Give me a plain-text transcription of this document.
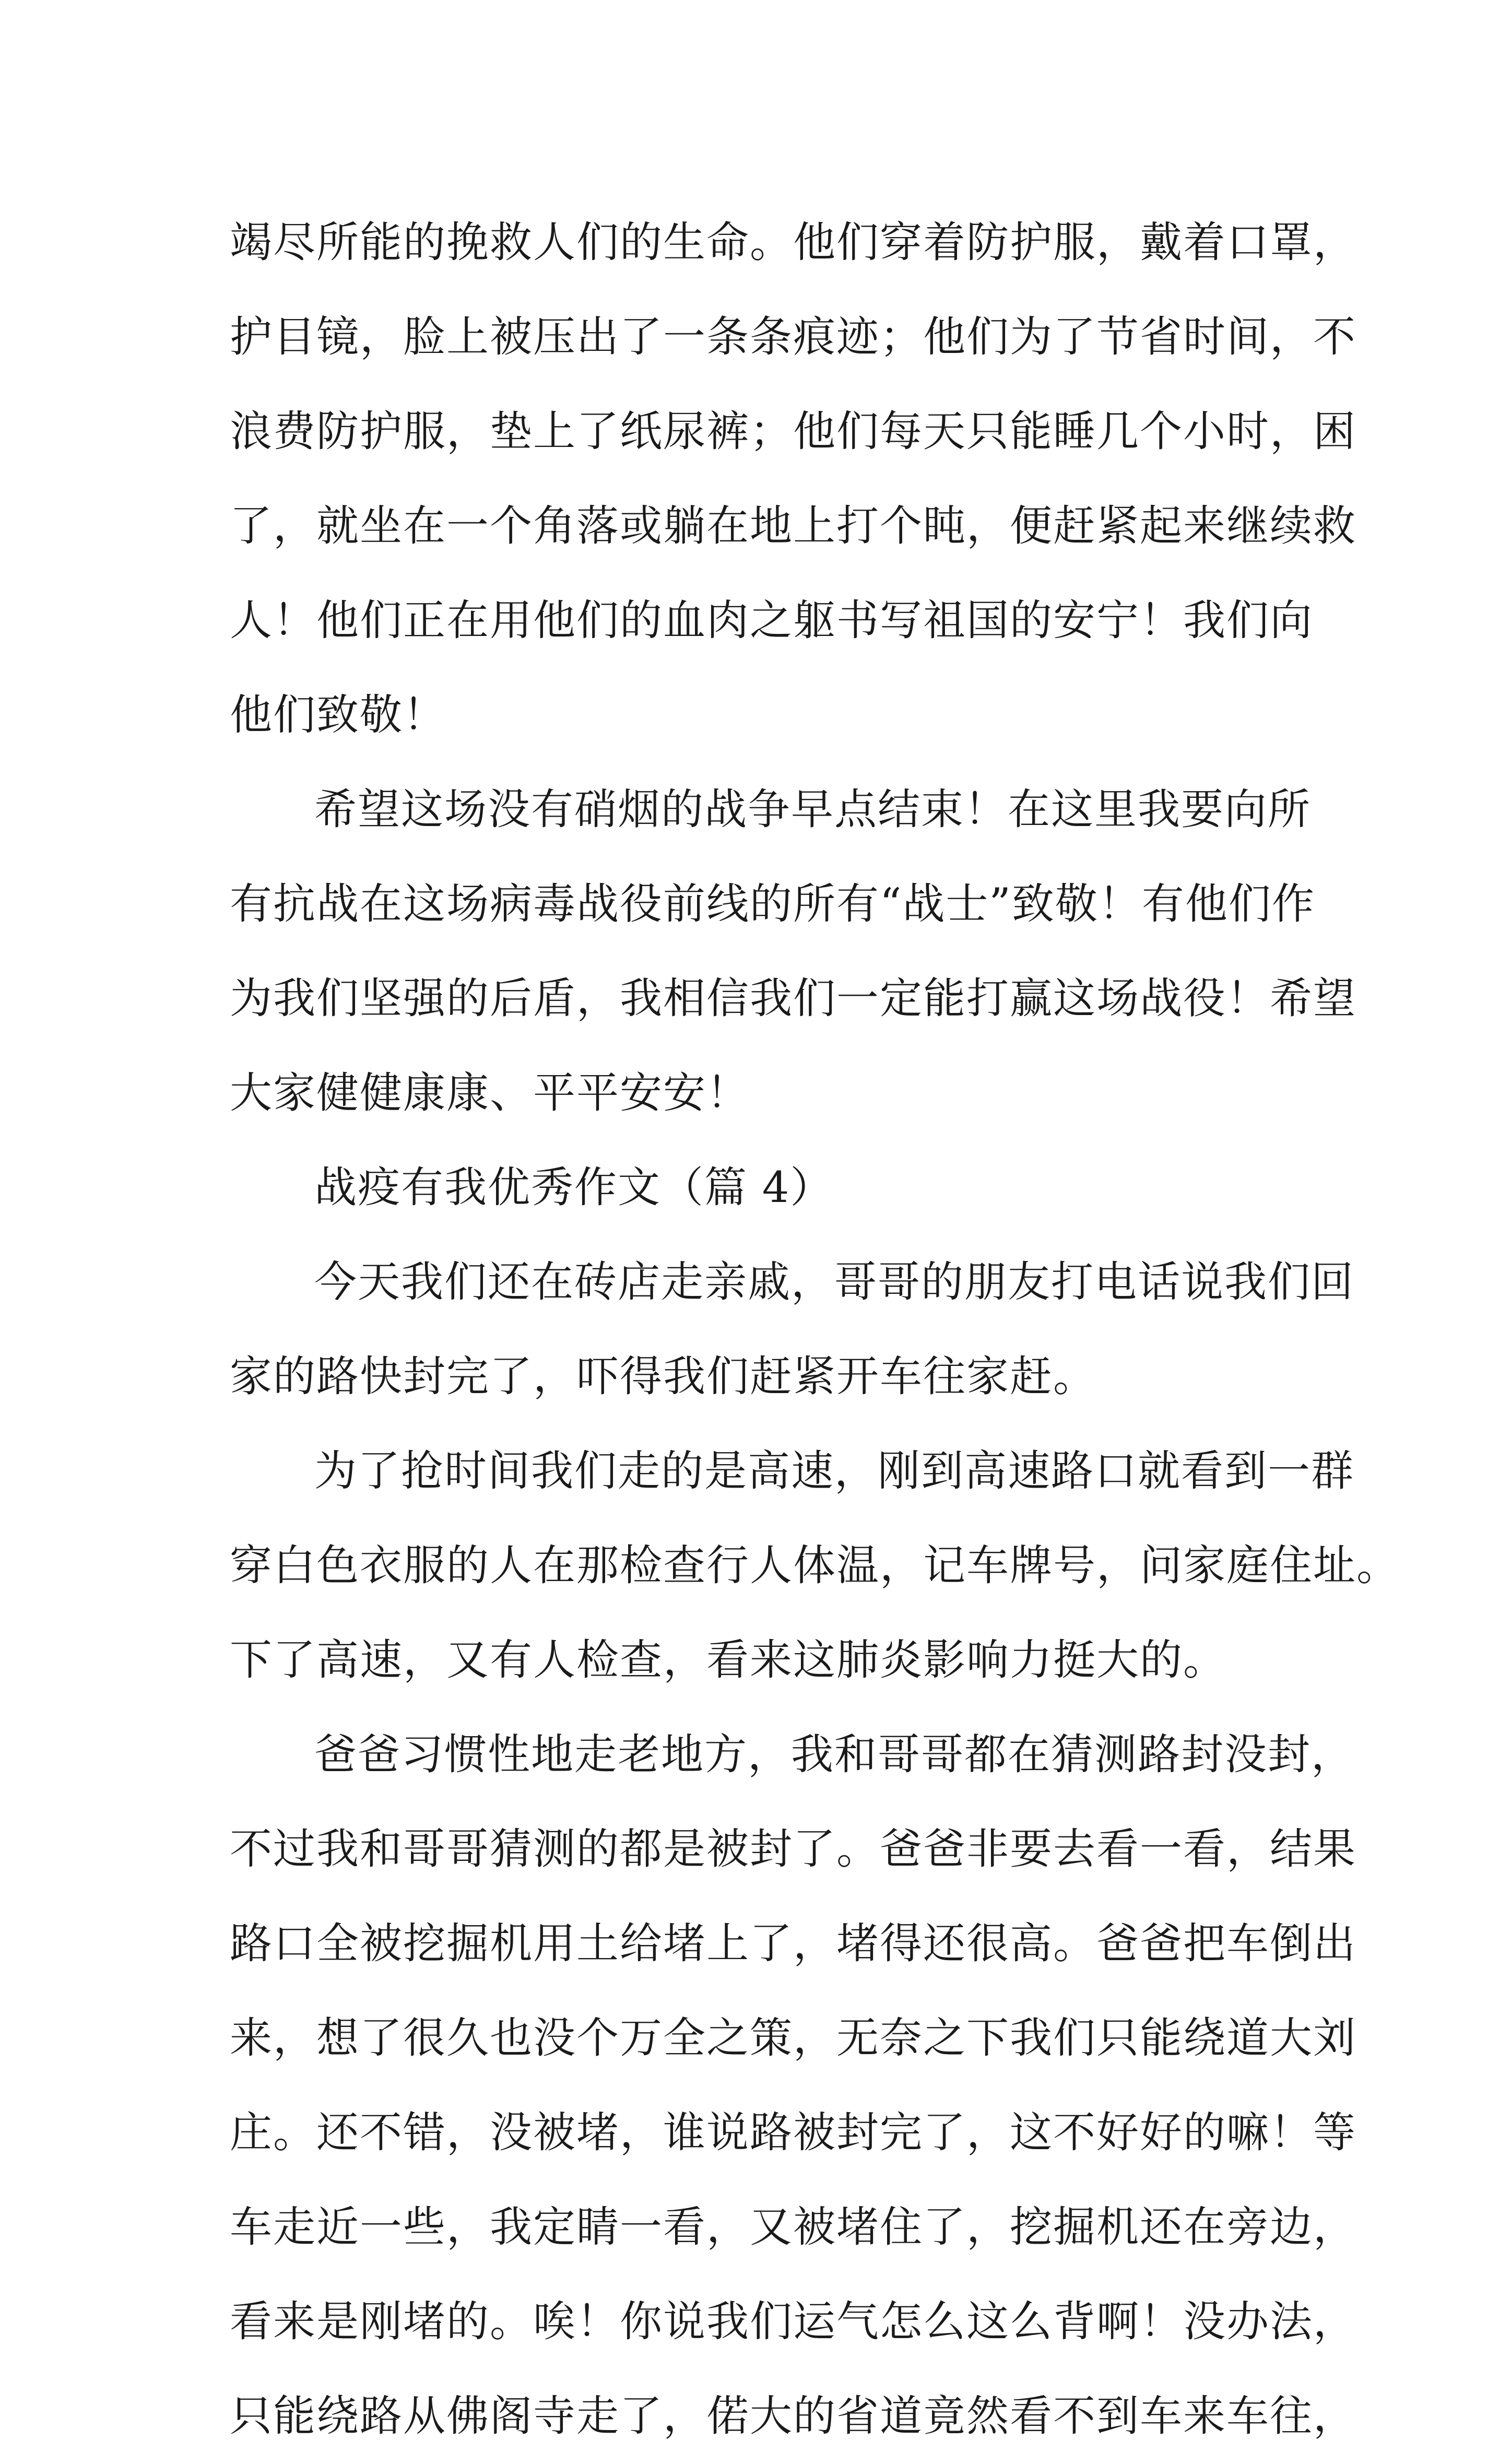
竭尽所能的挽救人们的生命。他们穿着防护服，戴着口罩，
护目镜，脸上被压出了一条条痕迹；他们为了节省时间，不
浪费防护服，垫上了纸尿裤；他们每天只能睡几个小时，困
了，就坐在一个角落或躺在地上打个盹，便赶紧起来继续救
人！他们正在用他们的血肉之躯书写祖国的安宁！我们向
他们致敬！
希望这场没有硝烟的战争早点结束！在这里我要向所
有抗战在这场病毒战役前线的所有“战士”致敬！有他们作
为我们坚强的后盾，我相信我们一定能打赢这场战役！希望
大家健健康康、平平安安！
战疫有我优秀作文（篇 4）
今天我们还在砖店走亲戚，哥哥的朋友打电话说我们回
家的路快封完了，吓得我们赶紧开车往家赶。
为了抢时间我们走的是高速，刚到高速路口就看到一群
穿白色衣服的人在那检查行人体温，记车牌号，问家庭住址。
下了高速，又有人检查，看来这肺炎影响力挺大的。
爸爸习惯性地走老地方，我和哥哥都在猜测路封没封，
不过我和哥哥猜测的都是被封了。爸爸非要去看一看，结果
路口全被挖掘机用土给堵上了，堵得还很高。爸爸把车倒出
来，想了很久也没个万全之策，无奈之下我们只能绕道大刘
庄。还不错，没被堵，谁说路被封完了，这不好好的嘛！等
车走近一些，我定睛一看，又被堵住了，挖掘机还在旁边，
看来是刚堵的。唉！你说我们运气怎么这么背啊！没办法，
只能绕路从佛阁寺走了，偌大的省道竟然看不到车来车往，
